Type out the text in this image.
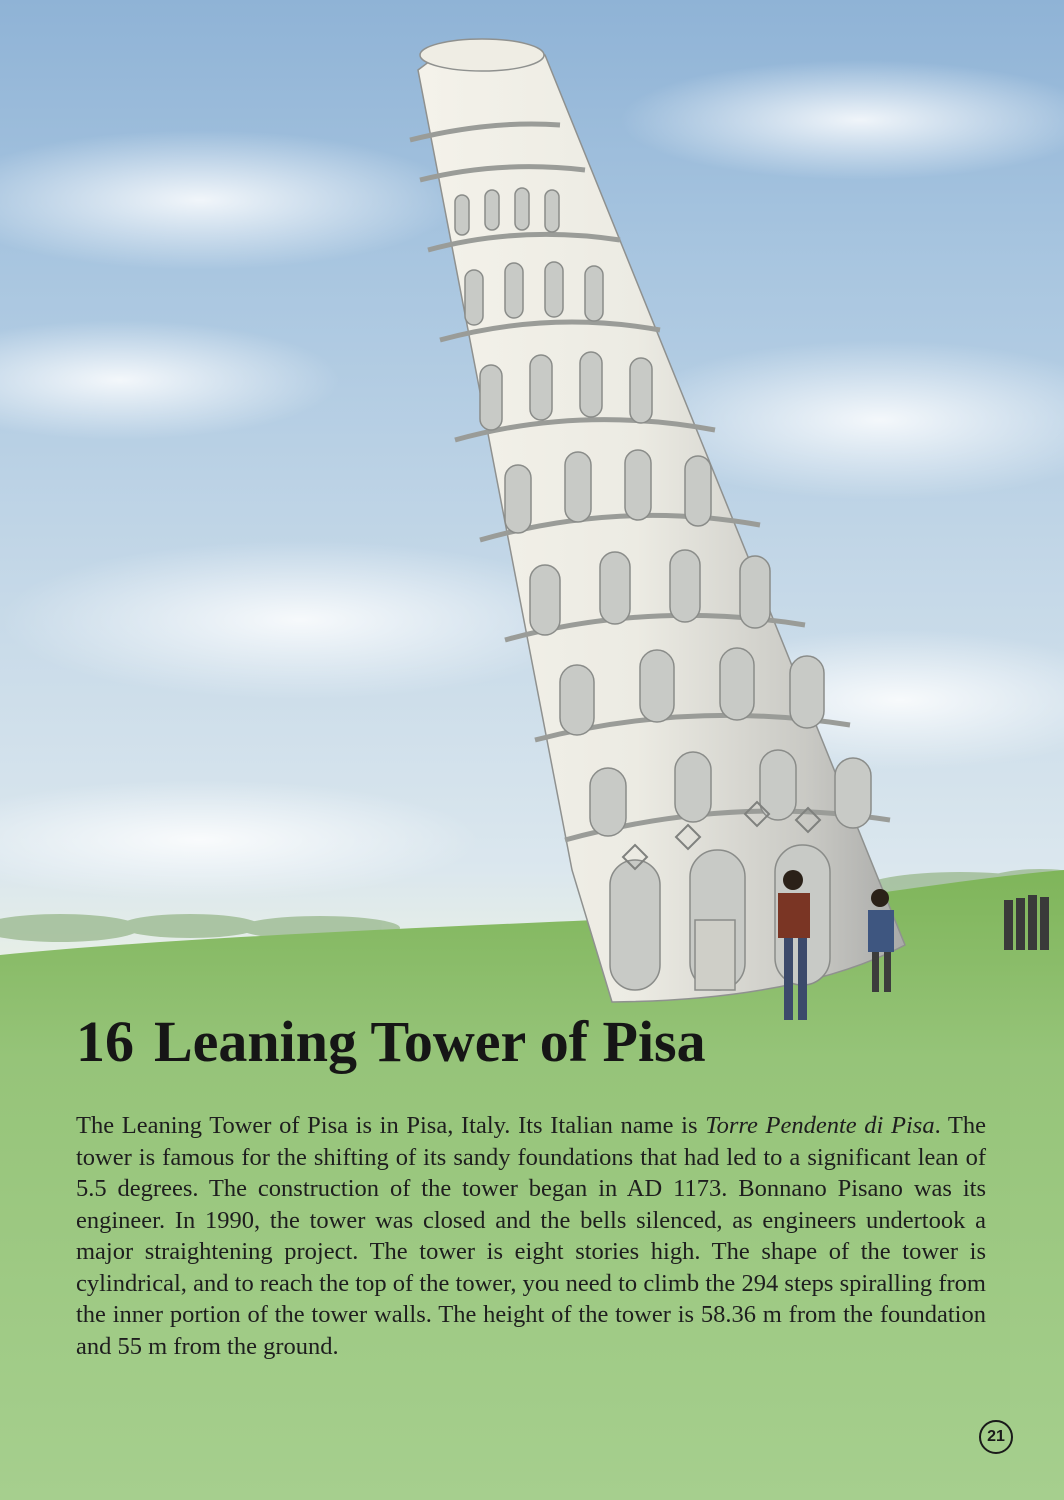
16 Leaning Tower of Pisa

The Leaning Tower of Pisa is in Pisa, Italy. Its Italian name is Torre Pendente di Pisa. The tower is famous for the shifting of its sandy foundations that had led to a significant lean of 5.5 degrees. The construction of the tower began in AD 1173. Bonnano Pisano was its engineer. In 1990, the tower was closed and the bells silenced, as engineers undertook a major straightening project. The tower is eight stories high. The shape of the tower is cylindrical, and to reach the top of the tower, you need to climb the 294 steps spiralling from the inner portion of the tower walls. The height of the tower is 58.36 m from the foundation and 55 m from the ground.

21
